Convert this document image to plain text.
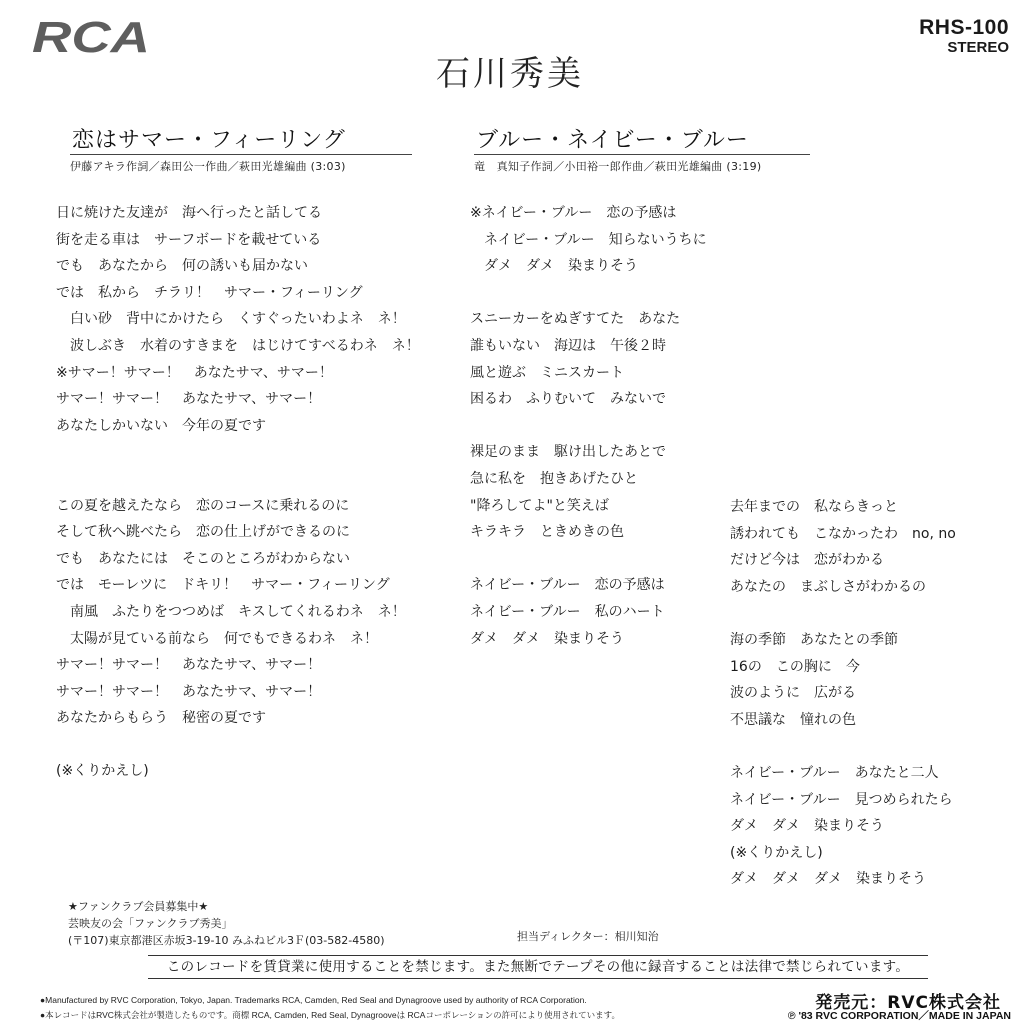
RCA	RHS-100
STEREO
石川秀美
恋はサマー・フィーリング
伊藤アキラ作詞／森田公一作曲／萩田光雄編曲 (3:03)
日に焼けた友達が　海へ行ったと話してる
街を走る車は　サーフボードを載せている
でも　あなたから　何の誘いも届かない
では　私から　チラリ！　サマー・フィーリング
　白い砂　背中にかけたら　くすぐったいわよネ　ネ！
　波しぶき　水着のすきまを　はじけてすべるわネ　ネ！
※サマー！サマー！　あなたサマ、サマー！
サマー！サマー！　あなたサマ、サマー！
あなたしかいない　今年の夏です
この夏を越えたなら　恋のコースに乗れるのに
そして秋へ跳べたら　恋の仕上げができるのに
でも　あなたには　そこのところがわからない
では　モーレツに　ドキリ！　サマー・フィーリング
　南風　ふたりをつつめば　キスしてくれるわネ　ネ！
　太陽が見ている前なら　何でもできるわネ　ネ！
サマー！サマー！　あなたサマ、サマー！
サマー！サマー！　あなたサマ、サマー！
あなたからもらう　秘密の夏です
(※くりかえし)
ブルー・ネイビー・ブルー
竜　真知子作詞／小田裕一郎作曲／萩田光雄編曲 (3:19)
※ネイビー・ブルー　恋の予感は
　ネイビー・ブルー　知らないうちに
　ダメ　ダメ　染まりそう
スニーカーをぬぎすてた　あなた
誰もいない　海辺は　午後２時
風と遊ぶ　ミニスカート
困るわ　ふりむいて　みないで
裸足のまま　駆け出したあとで
急に私を　抱きあげたひと
"降ろしてよ"と笑えば
キラキラ　ときめきの色
ネイビー・ブルー　恋の予感は
ネイビー・ブルー　私のハート
ダメ　ダメ　染まりそう
去年までの　私ならきっと
誘われても　こなかったわ　no, no
だけど今は　恋がわかる
あなたの　まぶしさがわかるの
海の季節　あなたとの季節
16の　この胸に　今
波のように　広がる
不思議な　憧れの色
ネイビー・ブルー　あなたと二人
ネイビー・ブルー　見つめられたら
ダメ　ダメ　染まりそう
(※くりかえし)
ダメ　ダメ　ダメ　染まりそう
★ファンクラブ会員募集中★
芸映友の会「ファンクラブ秀美」
(〒107)東京都港区赤坂3-19-10 みふねビル3Ｆ(03-582-4580)	担当ディレクター：相川知治
このレコードを賃貸業に使用することを禁じます。また無断でテープその他に録音することは法律で禁じられています。
●Manufactured by RVC Corporation, Tokyo, Japan. Trademarks RCA, Camden, Red Seal and Dynagroove used by authority of RCA Corporation.
●本レコードはRVC株式会社が製造したものです。商標 RCA, Camden, Red Seal, Dynagrooveは RCAコーポレーションの許可により使用されています。
発売元：RVC株式会社
℗ '83 RVC CORPORATION／MADE IN JAPAN
